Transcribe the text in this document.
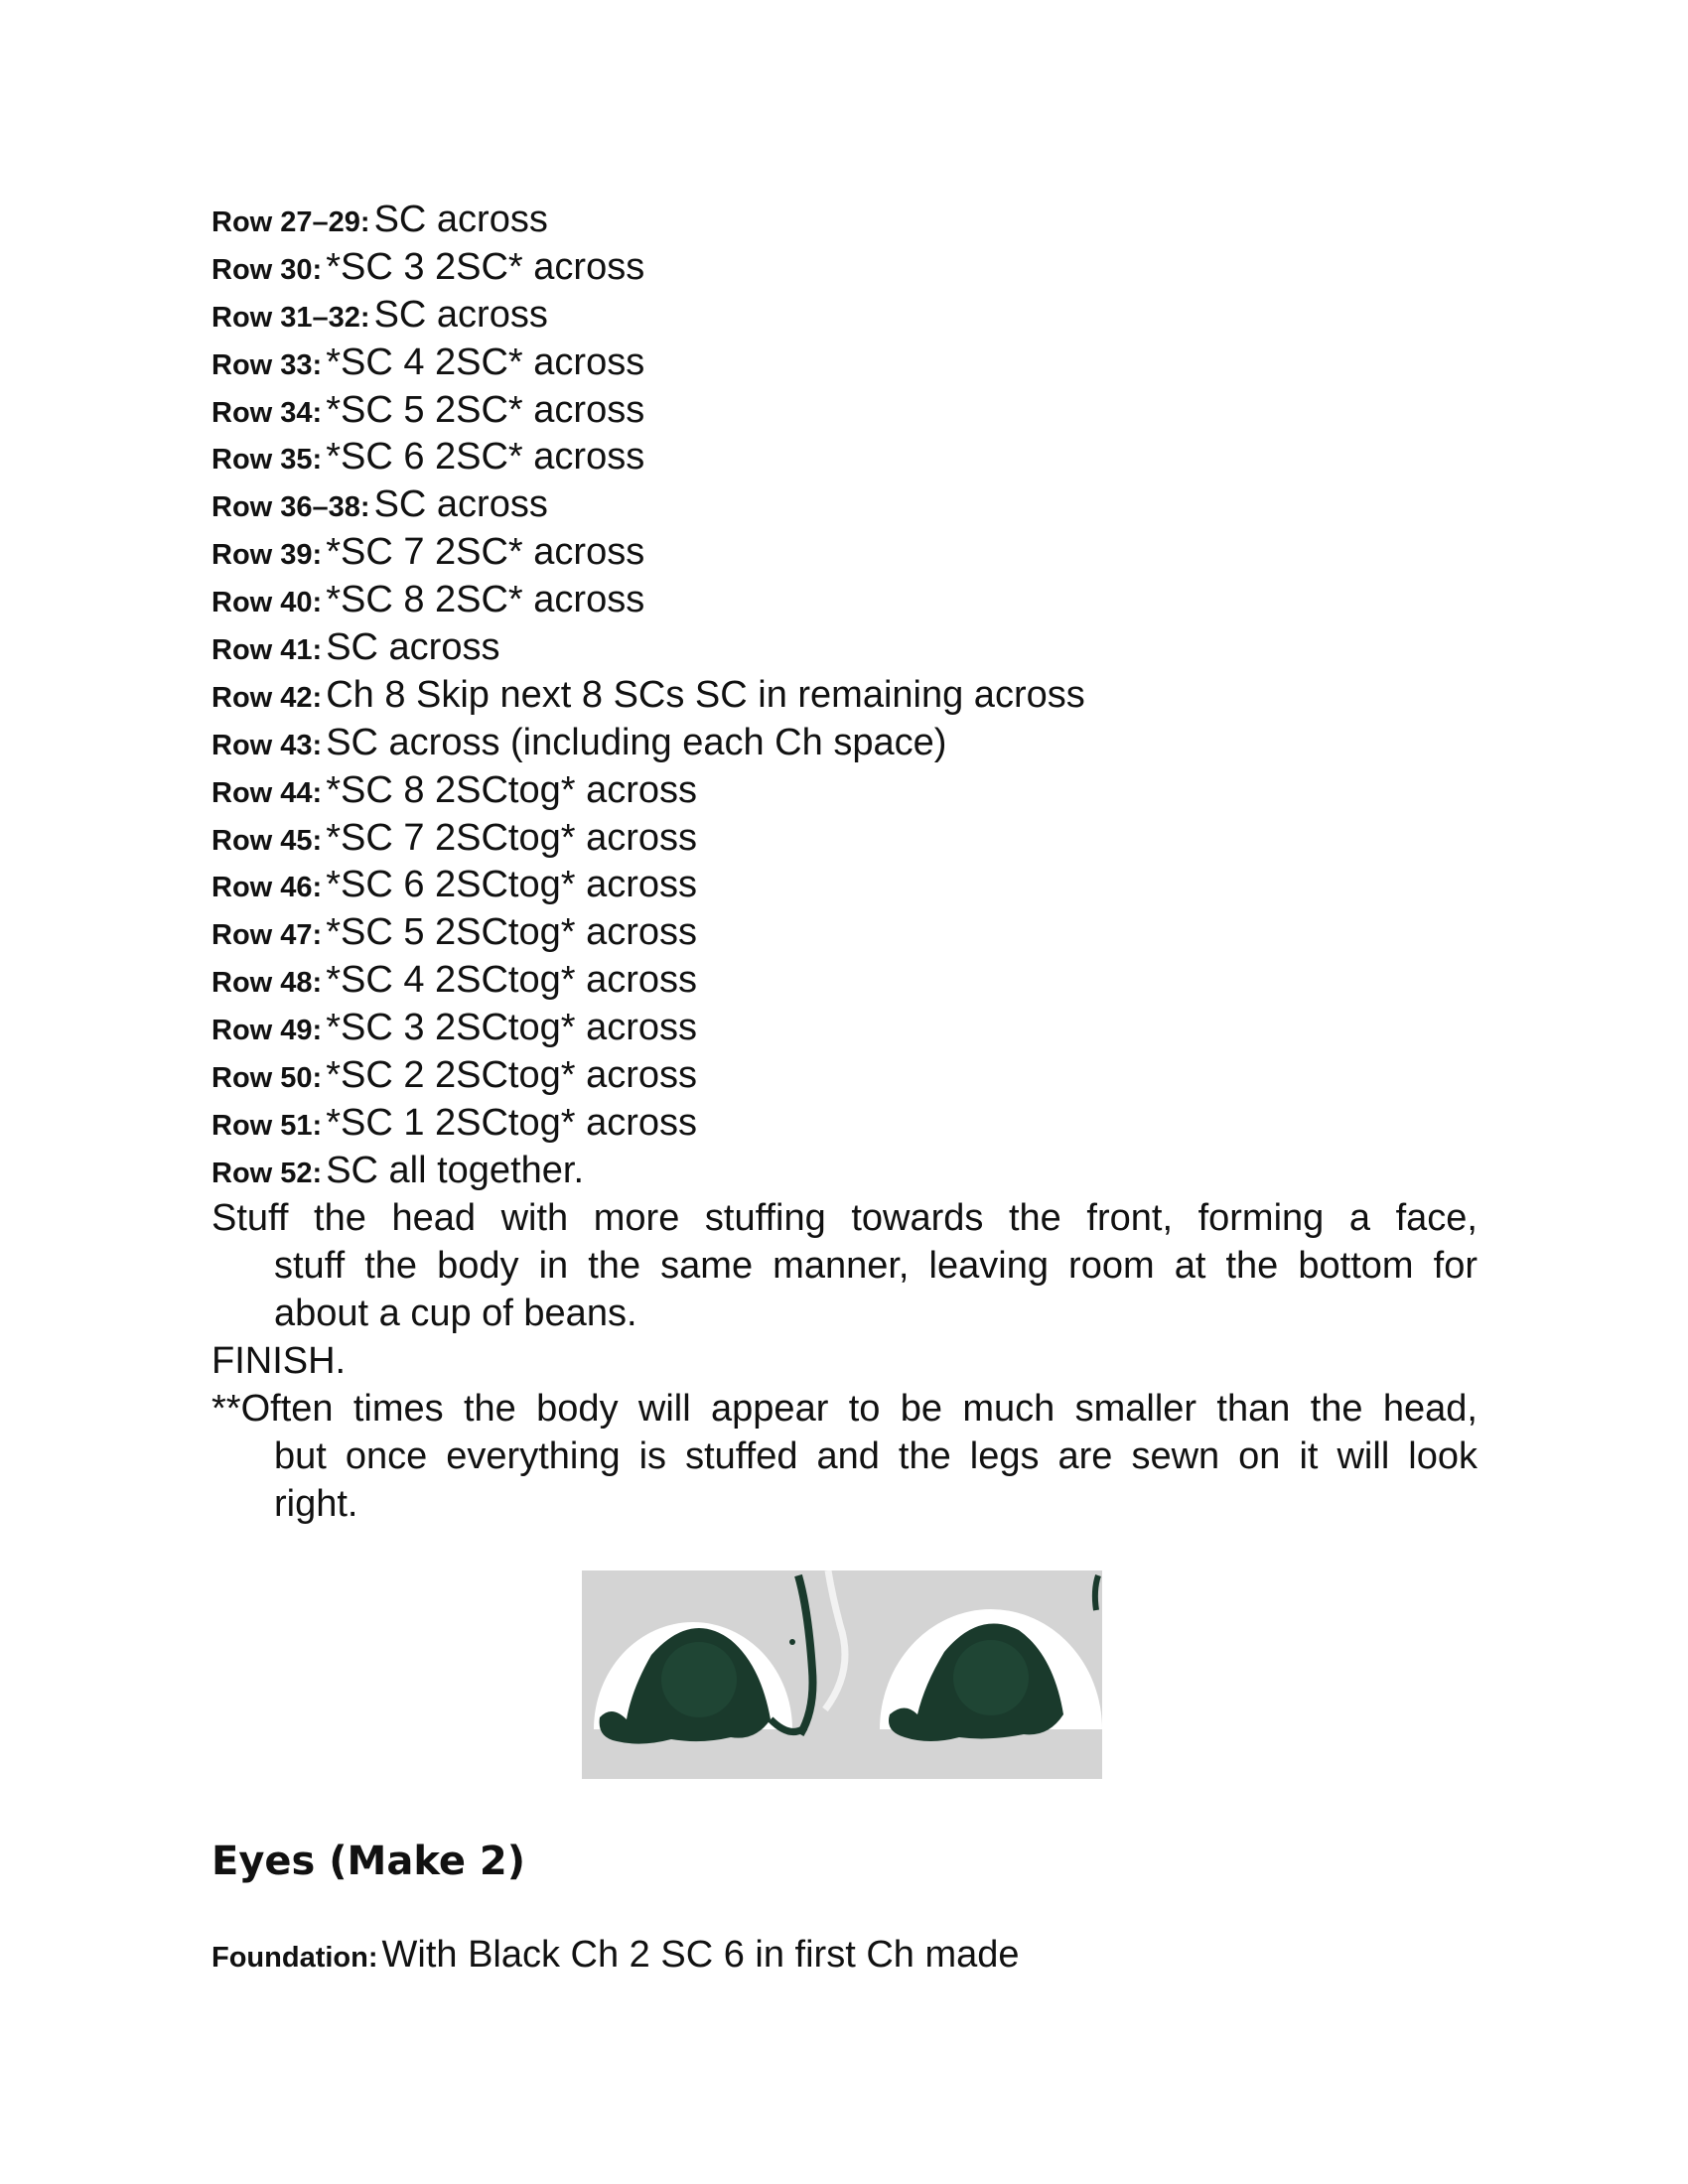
Row 27–29: SC across
Row 30: *SC 3 2SC* across
Row 31–32: SC across
Row 33: *SC 4 2SC* across
Row 34: *SC 5 2SC* across
Row 35: *SC 6 2SC* across
Row 36–38: SC across
Row 39: *SC 7 2SC* across
Row 40: *SC 8 2SC* across
Row 41: SC across
Row 42: Ch 8 Skip next 8 SCs SC in remaining across
Row 43: SC across (including each Ch space)
Row 44: *SC 8 2SCtog* across
Row 45: *SC 7 2SCtog* across
Row 46: *SC 6 2SCtog* across
Row 47: *SC 5 2SCtog* across
Row 48: *SC 4 2SCtog* across
Row 49: *SC 3 2SCtog* across
Row 50: *SC 2 2SCtog* across
Row 51: *SC 1 2SCtog* across
Row 52: SC all together.
Stuff the head with more stuffing towards the front, forming a face,
stuff the body in the same manner, leaving room at the bottom for
about a cup of beans.
FINISH.
**Often times the body will appear to be much smaller than the head,
but once everything is stuffed and the legs are sewn on it will look
right.
Eyes (Make 2)
Foundation: With Black Ch 2 SC 6 in first Ch made
